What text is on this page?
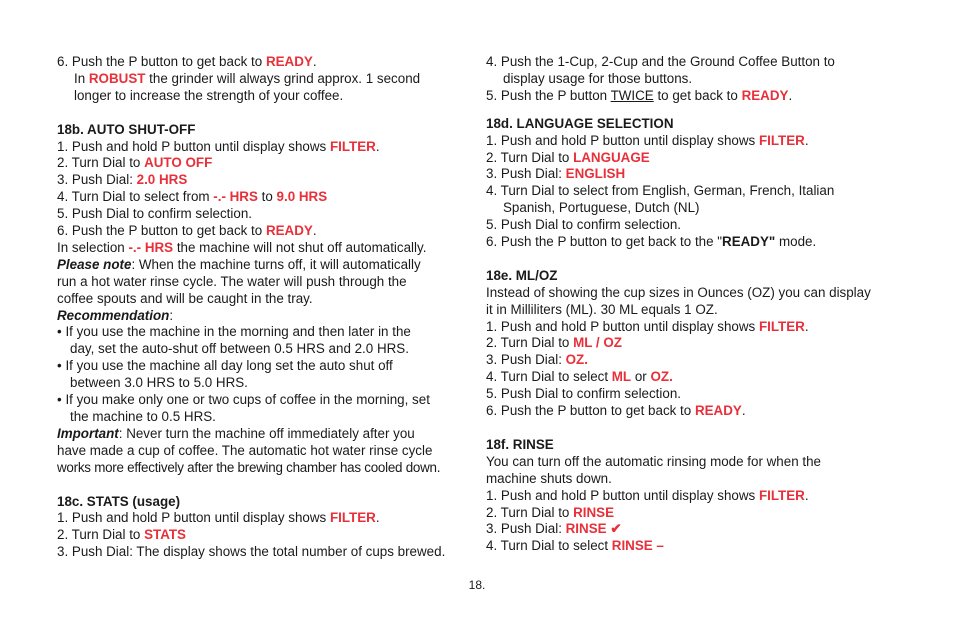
6. Push the P button to get back to READY.
In ROBUST the grinder will always grind approx. 1 second
longer to increase the strength of your coffee.
18b. AUTO SHUT-OFF
1. Push and hold P button until display shows FILTER.
2. Turn Dial to AUTO OFF
3. Push Dial: 2.0 HRS
4. Turn Dial to select from -.- HRS to 9.0 HRS
5. Push Dial to confirm selection.
6. Push the P button to get back to READY.
In selection -.- HRS the machine will not shut off automatically.
Please note: When the machine turns off, it will automatically
run a hot water rinse cycle. The water will push through the
coffee spouts and will be caught in the tray.
Recommendation:
• If you use the machine in the morning and then later in the
day, set the auto-shut off between 0.5 HRS and 2.0 HRS.
• If you use the machine all day long set the auto shut off
between 3.0 HRS to 5.0 HRS.
• If you make only one or two cups of coffee in the morning, set
the machine to 0.5 HRS.
Important: Never turn the machine off immediately after you
have made a cup of coffee. The automatic hot water rinse cycle
works more effectively after the brewing chamber has cooled down.
18c. STATS (usage)
1. Push and hold P button until display shows FILTER.
2. Turn Dial to STATS
3. Push Dial: The display shows the total number of cups brewed.
4. Push the 1-Cup, 2-Cup and the Ground Coffee Button to
display usage for those buttons.
5. Push the P button TWICE to get back to READY.
18d. LANGUAGE SELECTION
1. Push and hold P button until display shows FILTER.
2. Turn Dial to LANGUAGE
3. Push Dial: ENGLISH
4. Turn Dial to select from English, German, French, Italian
Spanish, Portuguese, Dutch (NL)
5. Push Dial to confirm selection.
6. Push the P button to get back to the "READY" mode.
18e. ML/OZ
Instead of showing the cup sizes in Ounces (OZ) you can display
it in Milliliters (ML). 30 ML equals 1 OZ.
1. Push and hold P button until display shows FILTER.
2. Turn Dial to ML / OZ
3. Push Dial: OZ.
4. Turn Dial to select ML or OZ.
5. Push Dial to confirm selection.
6. Push the P button to get back to READY.
18f. RINSE
You can turn off the automatic rinsing mode for when the
machine shuts down.
1. Push and hold P button until display shows FILTER.
2. Turn Dial to RINSE
3. Push Dial: RINSE ✔
4. Turn Dial to select RINSE –
18.
